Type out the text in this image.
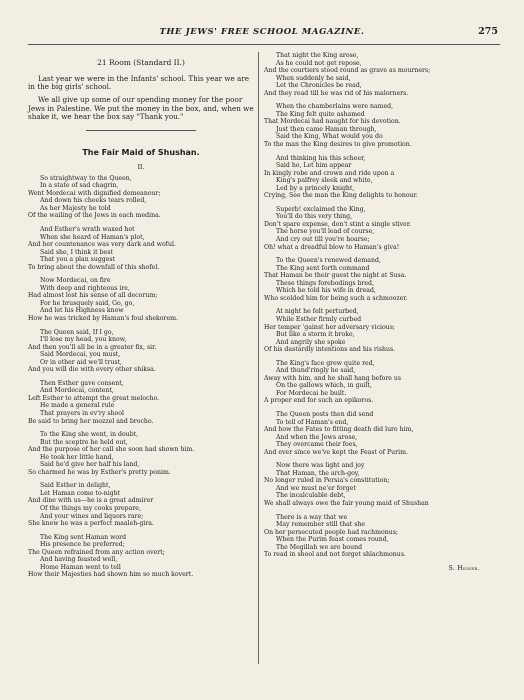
THE JEWS' FREE SCHOOL MAGAZINE.	275
21 Room (Standard II.)

Last year we were in the Infants' school. This year we are in the big girls' school.

We all give up some of our spending money for the poor Jews in Palestine. We put the money in the box, and, when we shake it, we hear the box say "Thank you."

The Fair Maid of Shushan.
II.
So straightway to the Queen,
In a state of sad chagrin,
Went Mordecai with dignified demeanour;
And down his cheeks tears rolled,
As her Majesty he told
Of the wailing of the Jews in each medina.
And Esther's wrath waxed hot
When she heard of Haman's plot,
And her countenance was very dark and woful.
Said she, I think it best
That you a plan suggest
To bring about the downfall of this shofel.
Now Mordecai, on fire
With deep and righteous ire,
Had almost lost his sense of all decorum;
For he brusquely said, Go, go,
And let his Highness know
How he was tricked by Haman's foul shekorem.
The Queen said, If I go,
I'll lose my head, you know,
And then you'll all be in a greater fix, sir.
Said Mordecai, you must,
Or in other aid we'll trust,
And you will die with every other shiksa.
Then Esther gave consent,
And Mordecai, content,
Left Esther to attempt the great melocho.
He made a general rule
That prayers in ev'ry shool
Be said to bring her mozzel and brocho.
To the King she went, in doubt,
But the sceptre he held out,
And the purpose of her call she soon had shown him.
He took her little hand,
Said he'd give her half his land,
So charmed he was by Esther's pretty ponim.
Said Esther in delight,
Let Haman come to-night
And dine with us—he is a great admirer
Of the things my cooks prepare,
And your wines and liquors rare;
She knew he was a perfect maaleh-gira.
The King sent Haman word
His presence he preferred;
The Queen refrained from any action overt;
And having feasted well,
Home Haman went to tell
How their Majesties had shown him so much kovert.
That night the King arose,
As he could not get repose,
And the courtiers stood round as grave as mourners;
When suddenly he said,
Let the Chronicles be read,
And they read till he was rid of his malorners.
When the chamberlains were named,
The King felt quite ashamed
That Mordecai had naught for his devotion.
Just then came Haman through,
Said the King, What would you do
To the man the King desires to give promotion.
And thinking his this scheer,
Said he, Let him appear
In kingly robe and crown and ride upon a
King's palfrey sleek and white,
Led by a princely knight,
Crying, See the man the King delights to honour.
Superb! exclaimed the King,
You'll do this very thing,
Don't spare expense, don't stint a single stiver.
The horse you'll lead of course,
And cry out till you're hoarse;
Oh! what a dreadful blow to Haman's giva!
To the Queen's renewed demand,
The King sent forth command
That Haman be their guest the night at Susa.
These things forebodings bred,
Which he told his wife in dread,
Who scolded him for being such a schmoozer.
At night he felt perturbed,
While Esther firmly curbed
Her temper 'gainst her adversary vicious;
But like a storm it broke,
And angrily she spoke
Of his dastardly intentions and his rishus.
The King's face grew quite red,
And thund'ringly he said,
Away with him, and he shall hang before us
On the gallows which, in guilt,
For Mordecai he built.
A proper end for such an epikoros.
The Queen posts then did send
To tell of Haman's end,
And how the Fates to fitting death did lure him,
And when the Jews arose,
They overcame their foes,
And ever since we've kept the Feast of Purim.
Now there was light and joy
That Haman, the arch-goy,
No longer ruled in Persia's constitution;
And we must ne'er forget
The incalculable debt,
We shall always owe the fair young maid of Shushan
There is a way that we
May remember still that she
On her persecuted people had rachmonus;
When the Purim feast comes round,
The Megillah we are bound
To read in shool and not forget shlachmonus.
S. Heiser.
